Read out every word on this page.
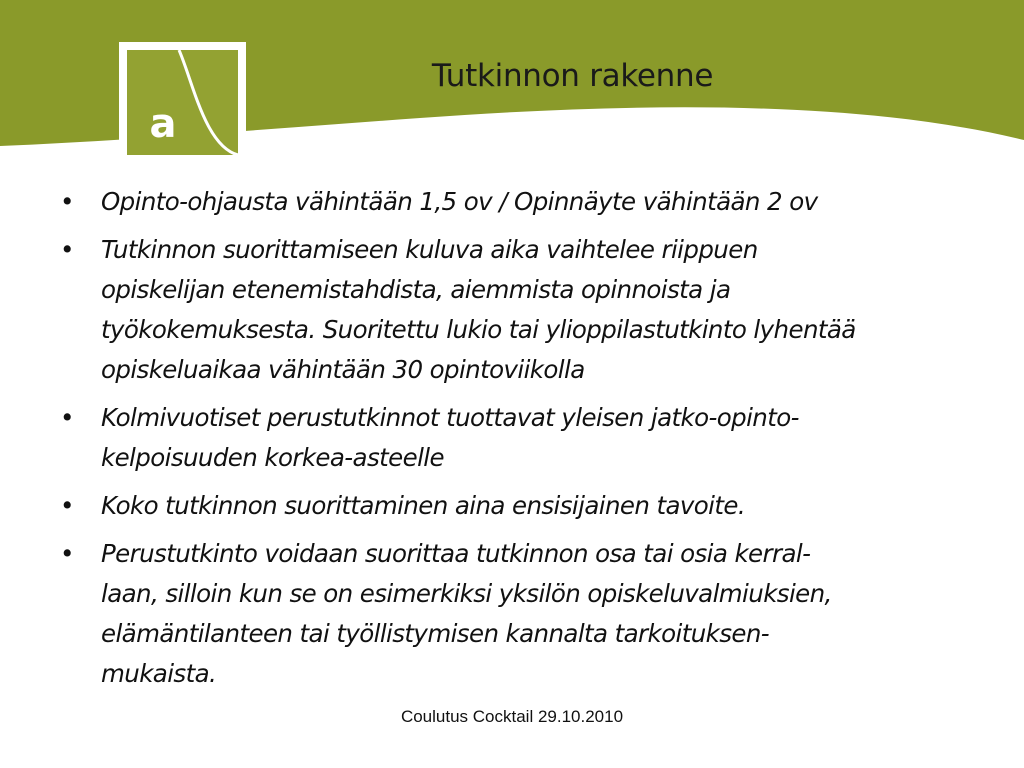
a
Tutkinnon rakenne
• Opinto-ohjausta vähintään 1,5 ov / Opinnäyte vähintään 2 ov
• Tutkinnon suorittamiseen kuluva aika vaihtelee riippuen
opiskelijan etenemistahdista, aiemmista opinnoista ja
työkokemuksesta. Suoritettu lukio tai ylioppilastutkinto lyhentää
opiskeluaikaa vähintään 30 opintoviikolla
• Kolmivuotiset perustutkinnot tuottavat yleisen jatko-opinto-
kelpoisuuden korkea-asteelle
• Koko tutkinnon suorittaminen aina ensisijainen tavoite.
• Perustutkinto voidaan suorittaa tutkinnon osa tai osia kerral-
laan, silloin kun se on esimerkiksi yksilön opiskeluvalmiuksien,
elämäntilanteen tai työllistymisen kannalta tarkoituksen-
mukaista.
Coulutus Cocktail 29.10.2010
